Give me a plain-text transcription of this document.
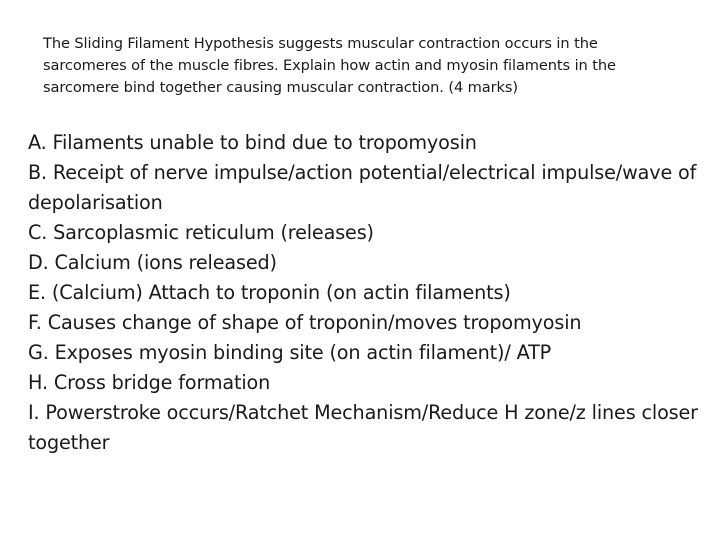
The Sliding Filament Hypothesis suggests muscular contraction occurs in the sarcomeres of the muscle fibres. Explain how actin and myosin filaments in the sarcomere bind together causing muscular contraction. (4 marks)

A. Filaments unable to bind due to tropomyosin
B. Receipt of nerve impulse/action potential/electrical impulse/wave of depolarisation
C. Sarcoplasmic reticulum (releases)
D. Calcium (ions released)
E. (Calcium) Attach to troponin (on actin filaments)
F. Causes change of shape of troponin/moves tropomyosin
G. Exposes myosin binding site (on actin filament)/ ATP
H. Cross bridge formation
I. Powerstroke occurs/Ratchet Mechanism/Reduce H zone/z lines closer together
